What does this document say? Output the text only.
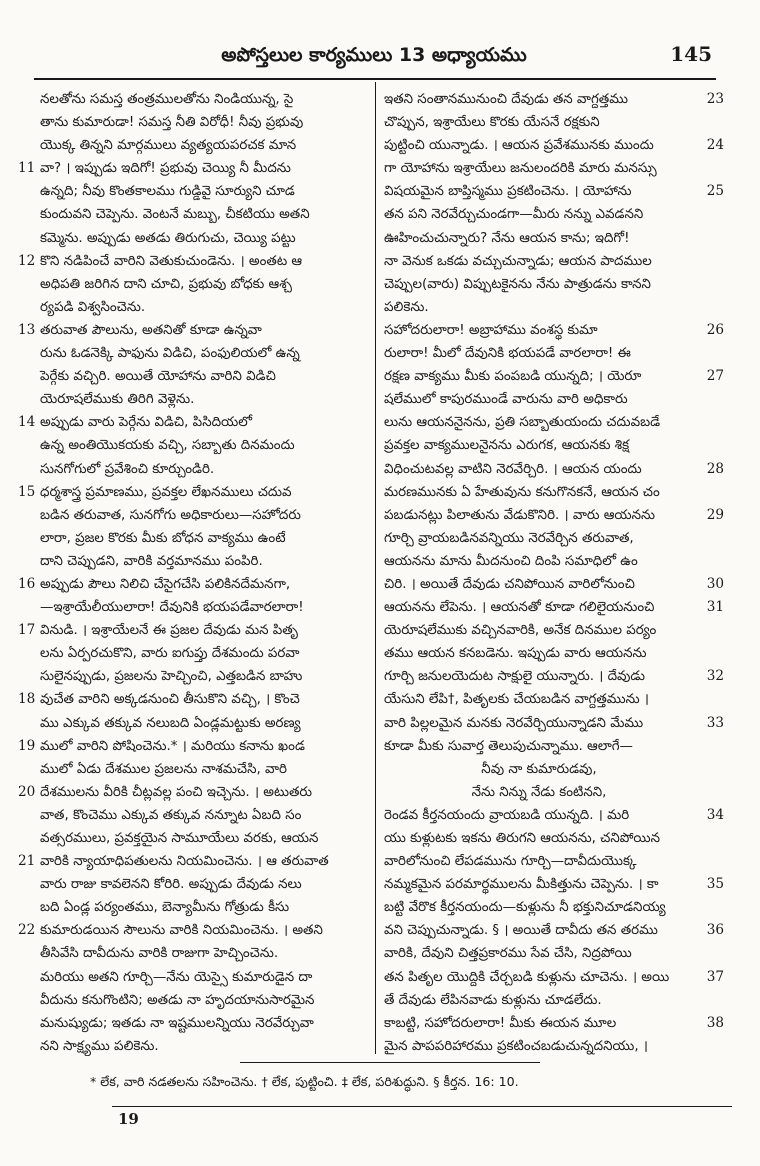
అపోస్తలుల కార్యములు 13 అధ్యాయము	145
నలతోను సమస్త తంత్రములతోను నిండియున్న, సై
తాను కుమారుడా! సమస్త నీతి విరోధీ! నీవు ప్రభువు
యొక్క తిన్నని మార్గములు వ్యత్యయపరచక మాన
11 వా? । ఇప్పుడు ఇదిగో! ప్రభువు చెయ్యి నీ మీదను
ఉన్నది; నీవు కొంతకాలము గుడ్డివై సూర్యుని చూడ
కుందువని చెప్పెను. వెంటనే మబ్బు, చీకటియు అతని
కమ్మెను. అప్పుడు అతడు తిరుగుచు, చెయ్యి పట్టు
12 కొని నడిపించే వారిని వెతుకుచుండెను. । అంతట ఆ
అధిపతి జరిగిన దాని చూచి, ప్రభువు బోధకు ఆశ్చ
ర్యపడి విశ్వసించెను.
13 తరువాత పౌలును, అతనితో కూడా ఉన్నవా
రును ఓడనెక్కి పాఫును విడిచి, పంఫులియలో ఉన్న
పెర్గేకు వచ్చిరి. అయితే యోహాను వారిని విడిచి
యెరూషలేముకు తిరిగి వెళ్లెను.
14 అప్పుడు వారు పెర్గేను విడిచి, పిసిదియలో
ఉన్న అంతియొకయకు వచ్చి, సబ్బాతు దినమందు
సునగోగులో ప్రవేశించి కూర్చుండిరి.
15 ధర్మశాస్త్ర ప్రమాణము, ప్రవక్తల లేఖనములు చదువ
బడిన తరువాత, సునగోగు అధికారులు—సహోదరు
లారా, ప్రజల కొరకు మీకు బోధన వాక్యము ఉంటే
దాని చెప్పుడని, వారికి వర్తమానము పంపిరి.
16 అప్పుడు పౌలు నిలిచి చేసైగచేసి పలికినదేమనగా,
—ఇశ్రాయేలీయులారా! దేవునికి భయపడేవారలారా!
17 వినుడి. । ఇశ్రాయేలనే ఈ ప్రజల దేవుడు మన పితృ
లను ఏర్పరచుకొని, వారు ఐగుప్తు దేశమందు పరవా
సులైనప్పుడు, ప్రజలను హెచ్చించి, ఎత్తబడిన బాహు
18 వుచేత వారిని అక్కడనుంచి తీసుకొని వచ్చి, । కొంచె
ము ఎక్కువ తక్కువ నలుబది ఏండ్లమట్టుకు అరణ్య
19 ములో వారిని పోషించెను.* । మరియు కనాను ఖండ
ములో ఏడు దేశముల ప్రజలను నాశమచేసి, వారి
20 దేశములను వీరికి చీట్లవల్ల పంచి ఇచ్చెను. । అటుతరు
వాత, కొంచెము ఎక్కువ తక్కువ నన్నూట ఏబది సం
వత్సరములు, ప్రవక్తయైన సామూయేలు వరకు, ఆయన
21 వారికి న్యాయాధిపతులను నియమించెను. । ఆ తరువాత
వారు రాజు కావలెనని కోరిరి. అప్పుడు దేవుడు నలు
బది ఏండ్ల పర్యంతము, బెన్యామీను గోత్రుడు కీసు
22 కుమారుడయిన సౌలును వారికి నియమించెను. । అతని
తీసివేసి దావీదును వారికి రాజుగా హెచ్చించెను.
మరియు అతని గూర్చి—నేను యెస్సై కుమారుడైన దా
వీదును కనుగొంటిని; అతడు నా హృదయానుసారమైన
మనుష్యుడు; ఇతడు నా ఇష్టములన్నియు నెరవేర్చువా
నని సాక్ష్యము పలికెను.
23
ఇతని సంతానమునుంచి దేవుడు తన వాగ్దత్తము
చొప్పున, ఇశ్రాయేలు కొరకు యేసనే రక్షకుని
24
పుట్టించి యున్నాడు. । ఆయన ప్రవేశమునకు ముందు
గా యోహాను ఇశ్రాయేలు జనులందరికి మారు మనస్సు
25
విషయమైన బాప్తిస్మము ప్రకటించెను. । యోహాను
తన పని నెరవేర్చుచుండగా—మీరు నన్ను ఎవడనని
ఊహించుచున్నారు? నేను ఆయన కాను; ఇదిగో!
నా వెనుక ఒకడు వచ్చుచున్నాడు; ఆయన పాదముల
చెప్పుల(వారు) విప్పుటకైనను నేను పాత్రుడను కానని
పలికెను.
26
సహోదరులారా! అబ్రాహాము వంశస్థ కుమా
రులారా! మీలో దేవునికి భయపడే వారలారా! ఈ
27
రక్షణ వాక్యము మీకు పంపబడి యున్నది; । యెరూ
షలేములో కాపురముండే వారును వారి అధికారు
లును ఆయననైనను, ప్రతి సబ్బాతుయందు చదువబడే
ప్రవక్తల వాక్యములనైనను ఎరుగక, ఆయనకు శిక్ష
28
విధించుటవల్ల వాటిని నెరవేర్చిరి. । ఆయన యందు
మరణమునకు ఏ హేతువును కనుగొనకనే, ఆయన చం
29
పబడునట్లు పిలాతును వేడుకొనిరి. । వారు ఆయనను
గూర్చి వ్రాయబడినవన్నియు నెరవేర్చిన తరువాత,
ఆయనను మాను మీదనుంచి దింపి సమాధిలో ఉం
30
చిరి. । అయితే దేవుడు చనిపోయిన వారిలోనుంచి
31
ఆయనను లేపెను. । ఆయనతో కూడా గలిలైయనుంచి
యెరూషలేముకు వచ్చినవారికి, అనేక దినముల పర్యం
తము ఆయన కనబడెను. ఇప్పుడు వారు ఆయనను
32
గూర్చి జనులయెదుట సాక్షులై యున్నారు. । దేవుడు
యేసుని లేపి†, పితృలకు చేయబడిన వాగ్దత్తమును ।
33
వారి పిల్లలమైన మనకు నెరవేర్చియున్నాడని మేము
కూడా మీకు సువార్త తెలుపుచున్నాము. ఆలాగే—
నీవు నా కుమారుడవు,
నేను నిన్ను నేడు కంటినని,
34
రెండవ కీర్తనయందు వ్రాయబడి యున్నది. । మరి
యు కుళ్లుటకు ఇకను తిరుగని ఆయనను, చనిపోయిన
వారిలోనుంచి లేపడమును గూర్చి—దావీదుయొక్క
35
నమ్మకమైన పరమార్థములను మీకిత్తును చెప్పెను. । కా
బట్టి వేరొక కీర్తనయందు—కుళ్లును నీ భక్తునిచూడనియ్య
36
వని చెప్పుచున్నాడు. § । అయితే దావీదు తన తరము
వారికి, దేవుని చిత్తప్రకారము సేవ చేసి, నిద్రపోయి
37
తన పితృల యొద్దికి చేర్చబడి కుళ్లును చూచెను. । అయి
తే దేవుడు లేపినవాడు కుళ్లును చూడలేదు.
38
కాబట్టి, సహోదరులారా! మీకు ఈయన మూల
మైన పాపపరిహారము ప్రకటించబడుచున్నదనియు, ।
* లేక, వారి నడతలను సహించెను. † లేక, పుట్టించి. ‡ లేక, పరిశుద్ధుని. § కీర్తన. 16: 10.
19
